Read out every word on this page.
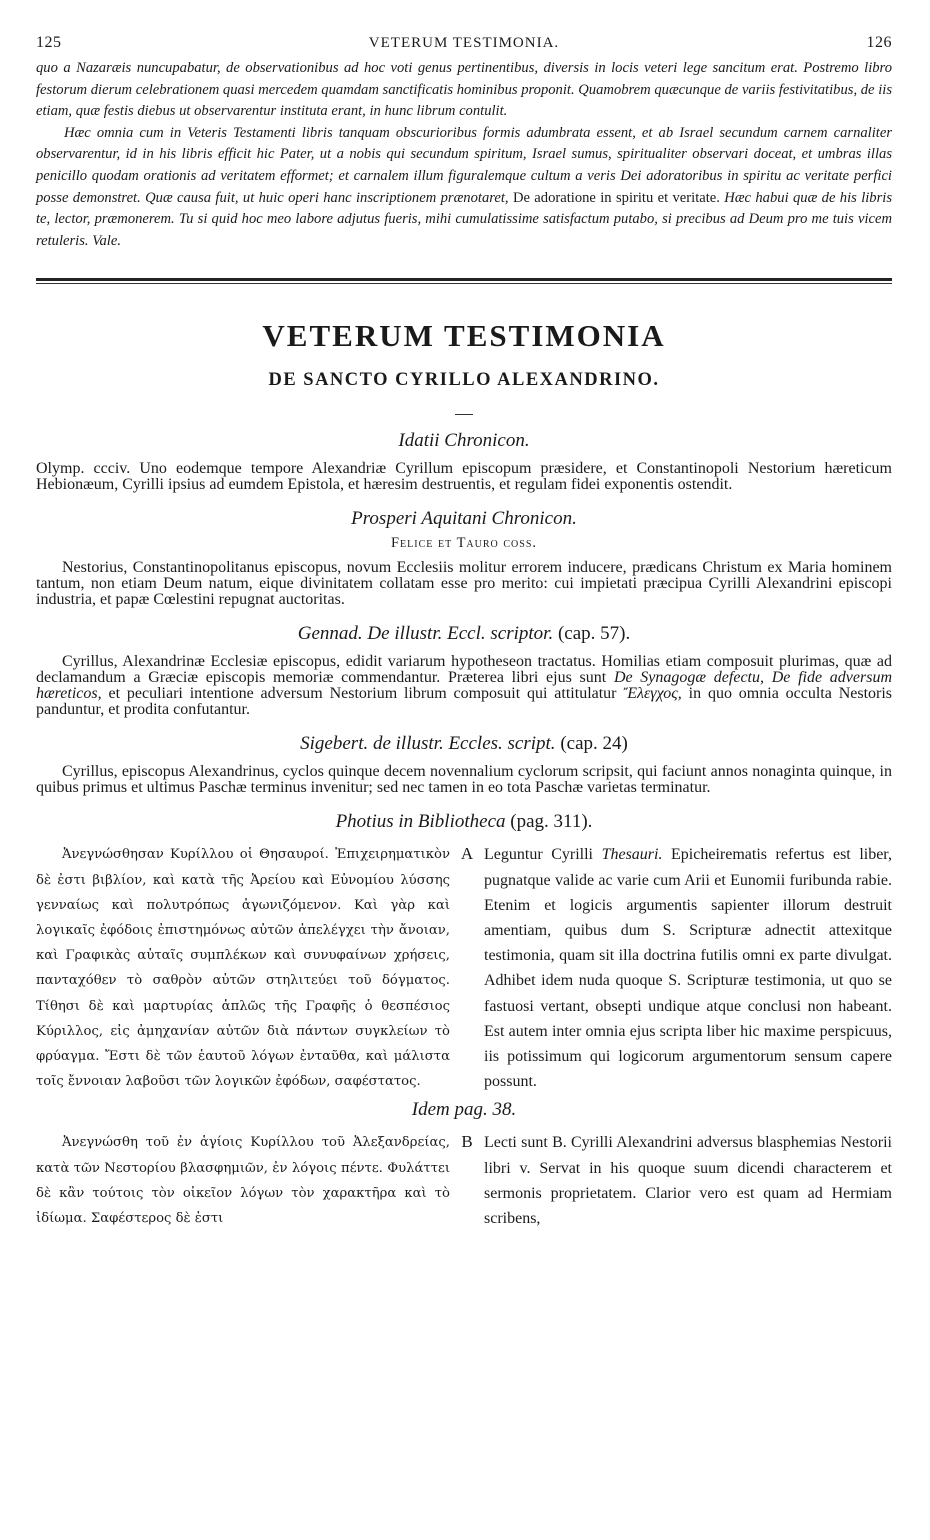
125	VETERUM TESTIMONIA.	126

quo a Nazaræis nuncupabatur, de observationibus ad hoc voti genus pertinentibus, diversis in locis veteri lege sancitum erat. Postremo libro festorum dierum celebrationem quasi mercedem quamdam sanctificatis hominibus proponit. Quamobrem quæcunque de variis festivitatibus, de iis etiam, quæ festis diebus ut observarentur instituta erant, in hunc librum contulit.

Hæc omnia cum in Veteris Testamenti libris tanquam obscurioribus formis adumbrata essent, et ab Israel secundum carnem carnaliter observarentur, id in his libris efficit hic Pater, ut a nobis qui secundum spiritum, Israel sumus, spiritualiter observari doceat, et umbras illas penicillo quodam orationis ad veritatem efformet; et carnalem illum figuralemque cultum a veris Dei adoratoribus in spiritu ac veritate perfici posse demonstret. Quæ causa fuit, ut huic operi hanc inscriptionem prænotaret, De adoratione in spiritu et veritate. Hæc habui quæ de his libris te, lector, præmonerem. Tu si quid hoc meo labore adjutus fueris, mihi cumulatissime satisfactum putabo, si precibus ad Deum pro me tuis vicem retuleris. Vale.

VETERUM TESTIMONIA
DE SANCTO CYRILLO ALEXANDRINO.
Idatii Chronicon.

Olymp. ccciv. Uno eodemque tempore Alexandriæ Cyrillum episcopum præsidere, et Constantinopoli Nestorium hæreticum Hebionæum, Cyrilli ipsius ad eumdem Epistola, et hæresim destruentis, et regulam fidei exponentis ostendit.

Prosperi Aquitani Chronicon.
Felice et Tauro coss.

Nestorius, Constantinopolitanus episcopus, novum Ecclesiis molitur errorem inducere, prædicans Christum ex Maria hominem tantum, non etiam Deum natum, eique divinitatem collatam esse pro merito: cui impietati præcipua Cyrilli Alexandrini episcopi industria, et papæ Cœlestini repugnat auctoritas.

Gennad. De illustr. Eccl. scriptor. (cap. 57).

Cyrillus, Alexandrinæ Ecclesiæ episcopus, edidit variarum hypotheseon tractatus. Homilias etiam composuit plurimas, quæ ad declamandum a Græciæ episcopis memoriæ commendantur. Præterea libri ejus sunt De Synagogæ defectu, De fide adversum hæreticos, et peculiari intentione adversum Nestorium librum composuit qui attitulatur Ἔλεγχος, in quo omnia occulta Nestoris panduntur, et prodita confutantur.

Sigebert. de illustr. Eccles. script. (cap. 24)

Cyrillus, episcopus Alexandrinus, cyclos quinque decem novennalium cyclorum scripsit, qui faciunt annos nonaginta quinque, in quibus primus et ultimus Paschæ terminus invenitur; sed nec tamen in eo tota Paschæ varietas terminatur.

Photius in Bibliotheca (pag. 311).
Ἀνεγνώσθησαν Κυρίλλου οἱ Θησαυροί. Ἐπιχειρηματικὸν δὲ ἐστι βιβλίον, καὶ κατὰ τῆς Ἀρείου καὶ Εὐνομίου λύσσης γενναίως καὶ πολυτρόπως ἀγωνιζόμενον. Καὶ γὰρ καὶ λογικαῖς ἐφόδοις ἐπιστημόνως αὐτῶν ἀπελέγχει τὴν ἄνοιαν, καὶ Γραφικὰς αὐταῖς συμπλέκων καὶ συνυφαίνων χρήσεις, πανταχόθεν τὸ σαθρὸν αὐτῶν στηλιτεύει τοῦ δόγματος. Τίθησι δὲ καὶ μαρτυρίας ἁπλῶς τῆς Γραφῆς ὁ θεσπέσιος Κύριλλος, εἰς ἀμηχανίαν αὐτῶν διὰ πάντων συγκλείων τὸ φρύαγμα. Ἔστι δὲ τῶν ἑαυτοῦ λόγων ἐνταῦθα, καὶ μάλιστα τοῖς ἔννοιαν λαβοῦσι τῶν λογικῶν ἐφόδων, σαφέστατος.
A Leguntur Cyrilli Thesauri. Epicheirematis refertus est liber, pugnatque valide ac varie cum Arii et Eunomii furibunda rabie. Etenim et logicis argumentis sapienter illorum destruit amentiam, quibus dum S. Scripturæ adnectit attexitque testimonia, quam sit illa doctrina futilis omni ex parte divulgat. Adhibet idem nuda quoque S. Scripturæ testimonia, ut quo se fastuosi vertant, obsepti undique atque conclusi non habeant. Est autem inter omnia ejus scripta liber hic maxime perspicuus, iis potissimum qui logicorum argumentorum sensum capere possunt.
Idem pag. 38.
Ἀνεγνώσθη τοῦ ἐν ἁγίοις Κυρίλλου τοῦ Ἀλεξανδρείας, κατὰ τῶν Νεστορίου βλασφημιῶν, ἐν λόγοις πέντε. Φυλάττει δὲ κἂν τούτοις τὸν οἰκεῖον λόγων τὸν χαρακτῆρα καὶ τὸ ἰδίωμα. Σαφέστερος δὲ ἐστι
B Lecti sunt B. Cyrilli Alexandrini adversus blasphemias Nestorii libri v. Servat in his quoque suum dicendi characterem et sermonis proprietatem. Clarior vero est quam ad Hermiam scribens,
